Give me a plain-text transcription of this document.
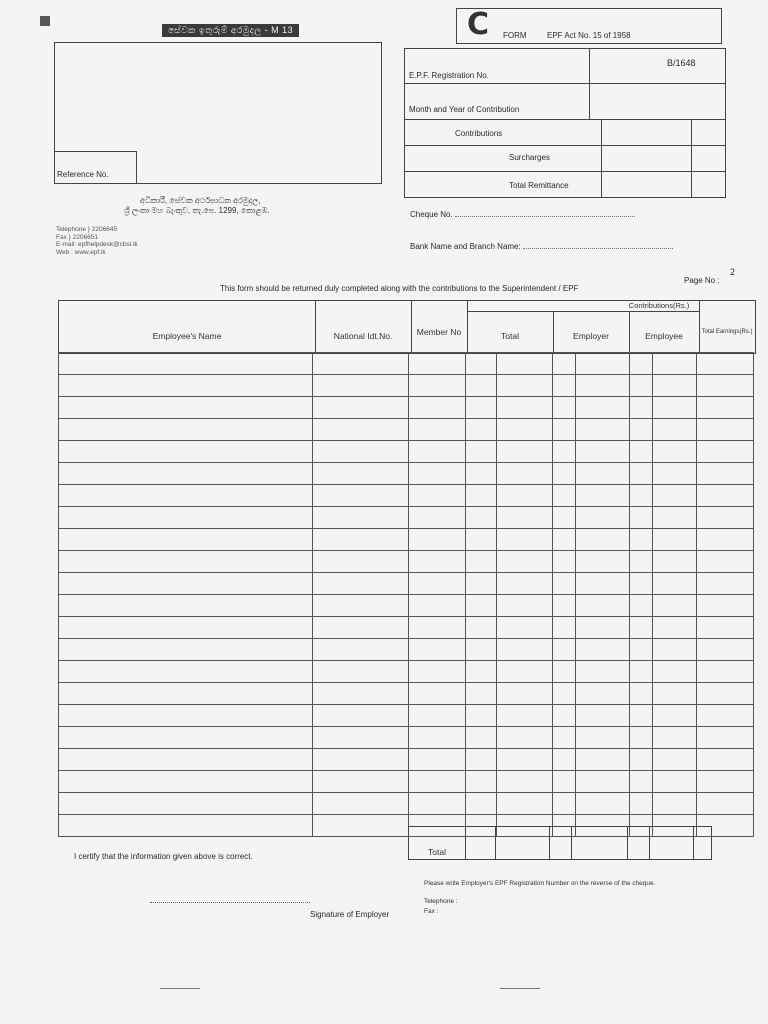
සේවක ඉතුරුම් අරමුදල - M 13
Reference No.
C FORM	EPF Act No. 15 of 1958
E.P.F. Registration No.
B/1648
Month and Year of Contribution
Contributions
Surcharges
Total Remittance
අධිකාරී, සේවක අර්ථසාධක අරමුදල,
ශ්‍රී ලංකා මහ බැංකුව, තැ.පෙ. 1299, කොළඹ.
Telephone } 2206645
Fax } 2206651
E-mail: epfhelpdesk@cbsl.lk
Web : www.epf.lk
Cheque No.
Bank Name and Branch Name:
This form should be returned duly completed along with the contributions to the Superintendent / EPF
Page No :
2
Employee's Name	National Idt.No.	Member No
Contributions(Rs.)
Total	Employer	Employee	Total Earnings(Rs.)

Total
I certify that the information given above is correct.
Signature of Employer
Please write Employer's EPF Registration Number on the reverse of the cheque.
Telephone :
Fax :
